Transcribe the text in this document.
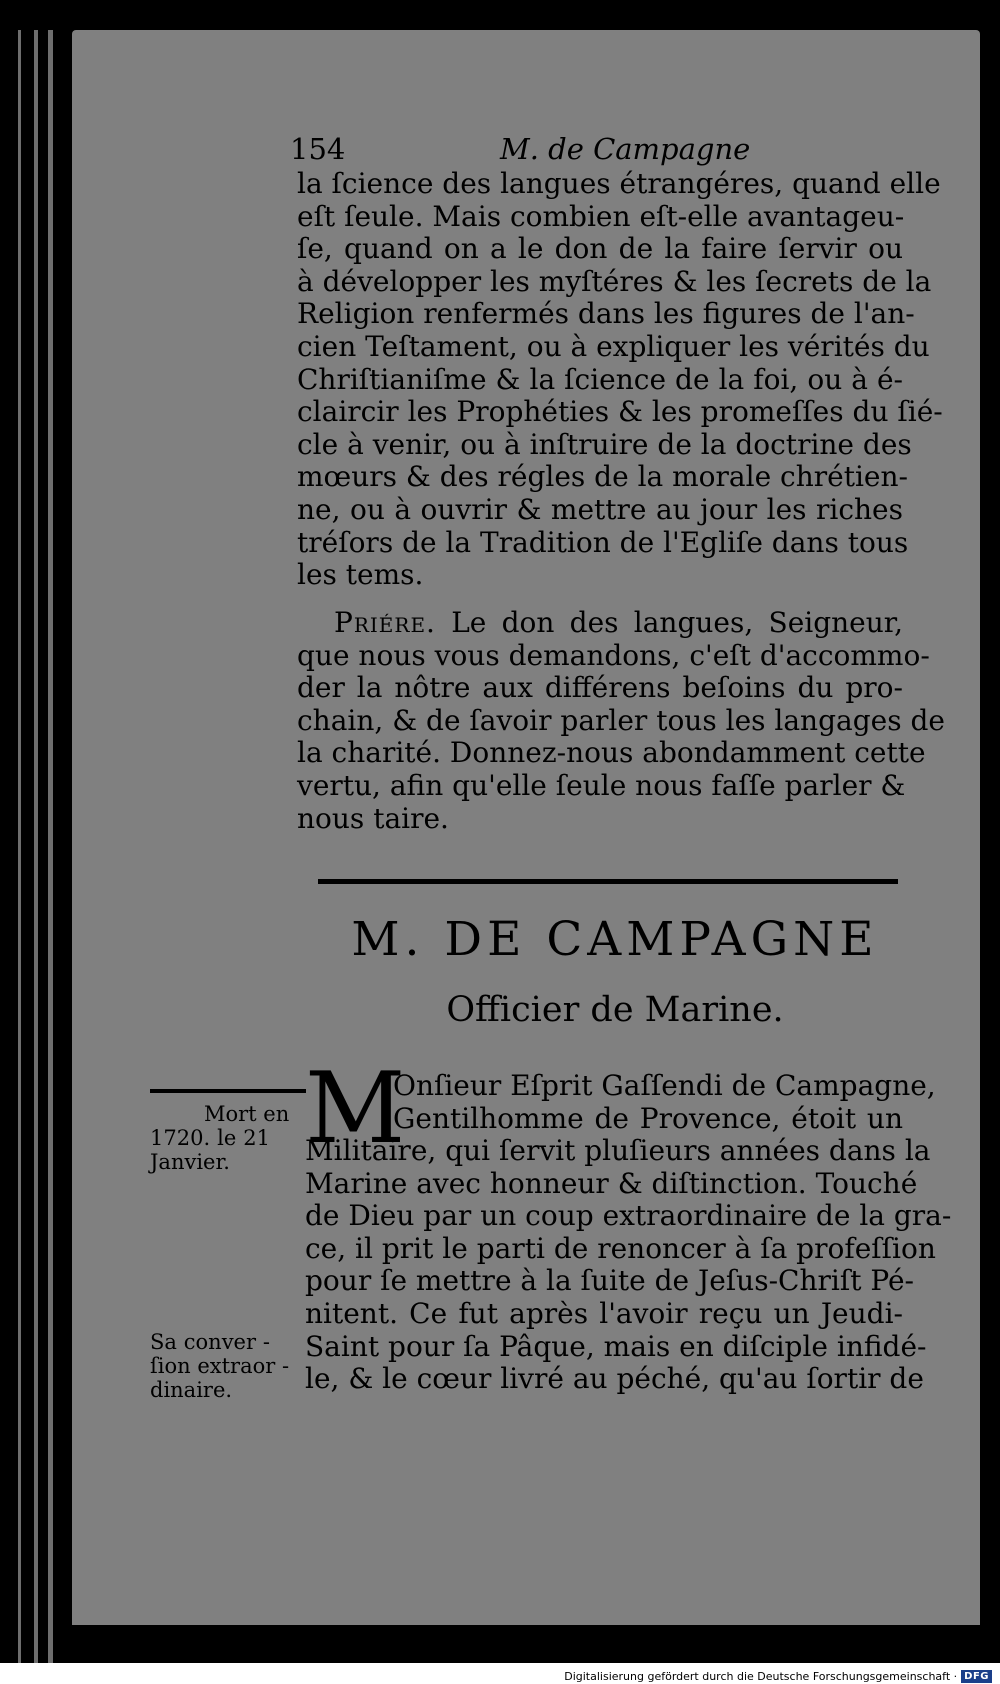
154	M. de Campagne
la ſcience des langues étrangéres, quand elle
eſt ſeule. Mais combien eſt-elle avantageu-
ſe, quand on a le don de la faire ſervir ou
à développer les myſtéres & les ſecrets de la
Religion renfermés dans les figures de l'an-
cien Teſtament, ou à expliquer les vérités du
Chriſtianiſme & la ſcience de la foi, ou à é-
claircir les Prophéties & les promeſſes du ſié-
cle à venir, ou à inſtruire de la doctrine des
mœurs & des régles de la morale chrétien-
ne, ou à ouvrir & mettre au jour les riches
tréſors de la Tradition de l'Egliſe dans tous
les tems.
Priére. Le don des langues, Seigneur,
que nous vous demandons, c'eſt d'accommo-
der la nôtre aux différens beſoins du pro-
chain, & de ſavoir parler tous les langages de
la charité. Donnez-nous abondamment cette
vertu, afin qu'elle ſeule nous faſſe parler &
nous taire.
M. DE CAMPAGNE
Officier de Marine.
Mort en
1720. le 21
Janvier.
Sa conver -
ſion extraor -
dinaire.
M
Onſieur Eſprit Gaſſendi de Campagne,
Gentilhomme de Provence, étoit un
Militaire, qui ſervit pluſieurs années dans la
Marine avec honneur & diſtinction. Touché
de Dieu par un coup extraordinaire de la gra-
ce, il prit le parti de renoncer à ſa profeſſion
pour ſe mettre à la ſuite de Jeſus-Chriſt Pé-
nitent. Ce fut après l'avoir reçu un Jeudi-
Saint pour ſa Pâque, mais en diſciple infidé-
le, & le cœur livré au péché, qu'au ſortir de
Digitalisierung gefördert durch die Deutsche Forschungsgemeinschaft · DFG
